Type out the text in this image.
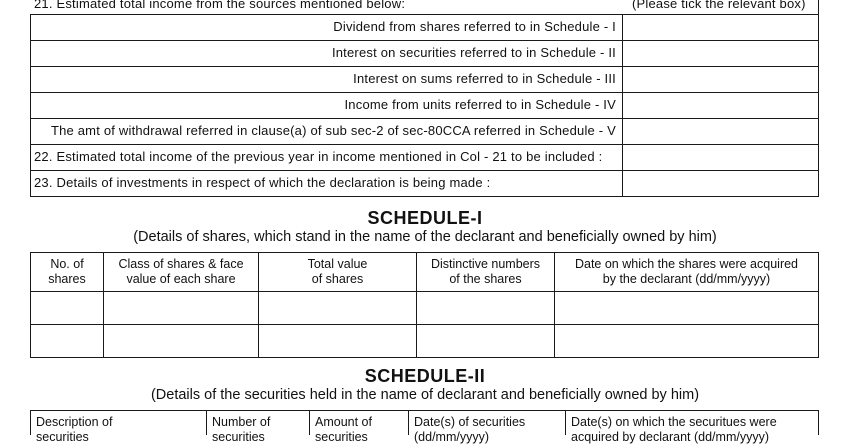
21. Estimated total income from the sources mentioned below:	(Please tick the relevant box)
Dividend from shares referred to in Schedule - I
Interest on securities referred to in Schedule - II
Interest on sums referred to in Schedule - III
Income from units referred to in Schedule - IV
The amt of withdrawal referred in clause(a) of sub sec-2 of sec-80CCA referred in Schedule - V
22. Estimated total income of the previous year in income mentioned in Col - 21 to be included :
23. Details of investments in respect of which the declaration is being made :
SCHEDULE-I
(Details of shares, which stand in the name of the declarant and beneficially owned by him)
No. of
shares
Class of shares & face
value of each share
Total value
of shares
Distinctive numbers
of the shares
Date on which the shares were acquired
by the declarant (dd/mm/yyyy)
SCHEDULE-II
(Details of the securities held in the name of declarant and beneficially owned by him)
Description of
securities
Number of
securities
Amount of
securities
Date(s) of securities
(dd/mm/yyyy)
Date(s) on which the securitues were
acquired by declarant (dd/mm/yyyy)
